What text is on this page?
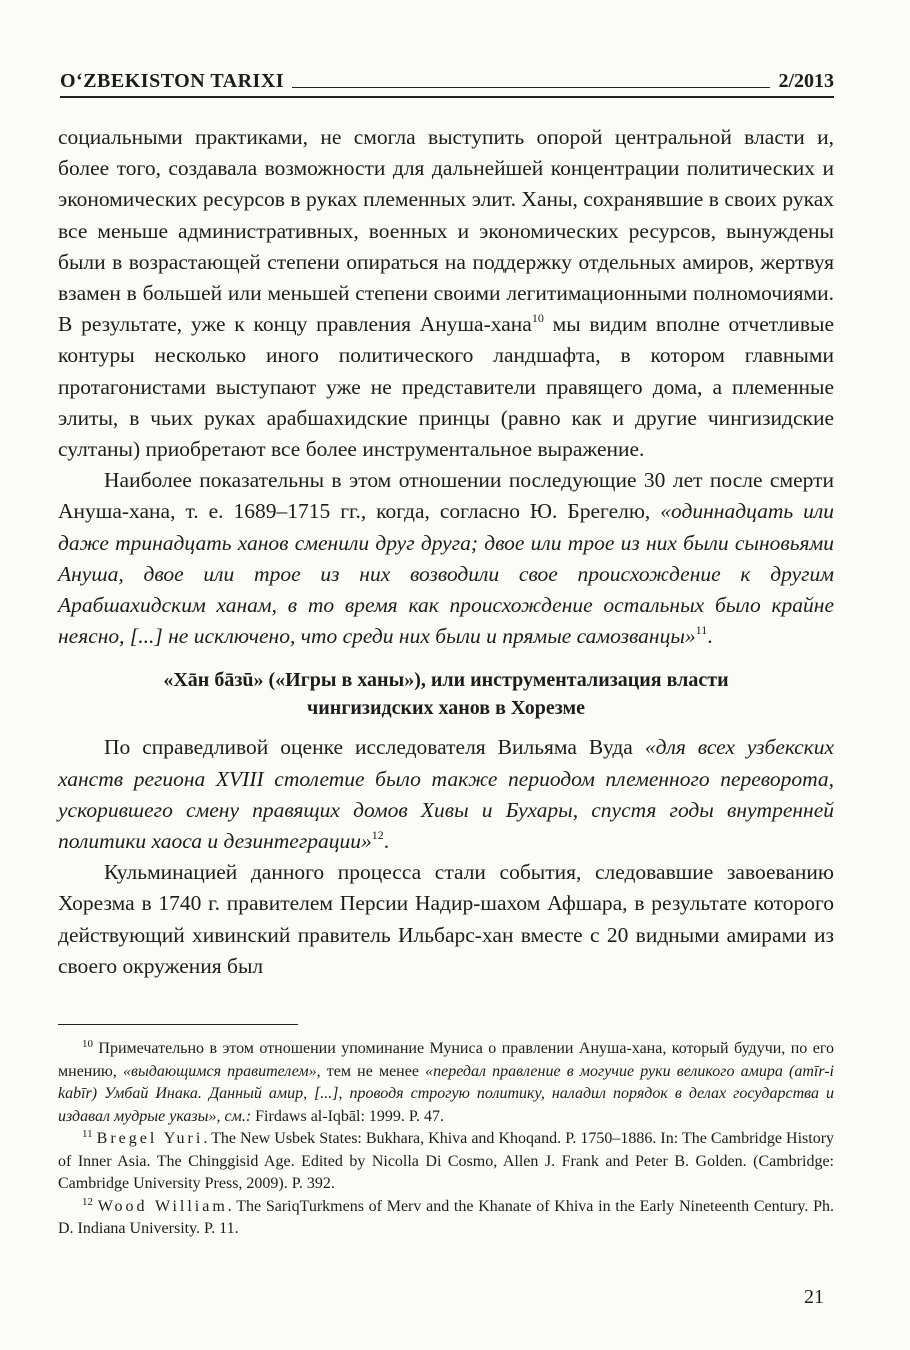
O‘ZBEKISTON TARIXI	2/2013

социальными практиками, не смогла выступить опорой центральной власти и, более того, создавала возможности для дальнейшей концентрации политических и экономических ресурсов в руках племенных элит. Ханы, сохранявшие в своих руках все меньше административных, военных и экономических ресурсов, вынуждены были в возрастающей степени опираться на поддержку отдельных амиров, жертвуя взамен в большей или меньшей степени своими легитимационными полномочиями. В результате, уже к концу правления Ануша-хана$^{10}$ мы видим вполне отчетливые контуры несколько иного политического ландшафта, в котором главными протагонистами выступают уже не представители правящего дома, а племенные элиты, в чьих руках арабшахидские принцы (равно как и другие чингизидские султаны) приобретают все более инструментальное выражение.

Наиболее показательны в этом отношении последующие 30 лет после смерти Ануша-хана, т. е. 1689–1715 гг., когда, согласно Ю. Брегелю, «одиннадцать или даже тринадцать ханов сменили друг друга; двое или трое из них были сыновьями Ануша, двое или трое из них возводили свое происхождение к другим Арабшахидским ханам, в то время как происхождение остальных было крайне неясно, [...] не исключено, что среди них были и прямые самозванцы»$^{11}$.

«Хāн бāзū» («Игры в ханы»), или инструментализация власти чингизидских ханов в Хорезме

По справедливой оценке исследователя Вильяма Вуда «для всех узбекских ханств региона XVIII столетие было также периодом племенного переворота, ускорившего смену правящих домов Хивы и Бухары, спустя годы внутренней политики хаоса и дезинтеграции»$^{12}$.

Кульминацией данного процесса стали события, следовавшие завоеванию Хорезма в 1740 г. правителем Персии Надир-шахом Афшара, в результате которого действующий хивинский правитель Ильбарс-хан вместе с 20 видными амирами из своего окружения был

$^{10}$ Примечательно в этом отношении упоминание Муниса о правлении Ануша-хана, который будучи, по его мнению, «выдающимся правителем», тем не менее «передал правление в могучие руки великого амира (amīr-i kabīr) Умбай Инака. Данный амир, [...], проводя строгую политику, наладил порядок в делах государства и издавал мудрые указы», см.: Firdaws al-Iqbāl: 1999. P. 47.

$^{11}$ Bregel Yuri. The New Usbek States: Bukhara, Khiva and Khoqand. P. 1750–1886. In: The Cambridge History of Inner Asia. The Chinggisid Age. Edited by Nicolla Di Cosmo, Allen J. Frank and Peter B. Golden. (Cambridge: Cambridge University Press, 2009). P. 392.

$^{12}$ Wood William. The SariqTurkmens of Merv and the Khanate of Khiva in the Early Nineteenth Century. Ph. D. Indiana University. P. 11.

21
